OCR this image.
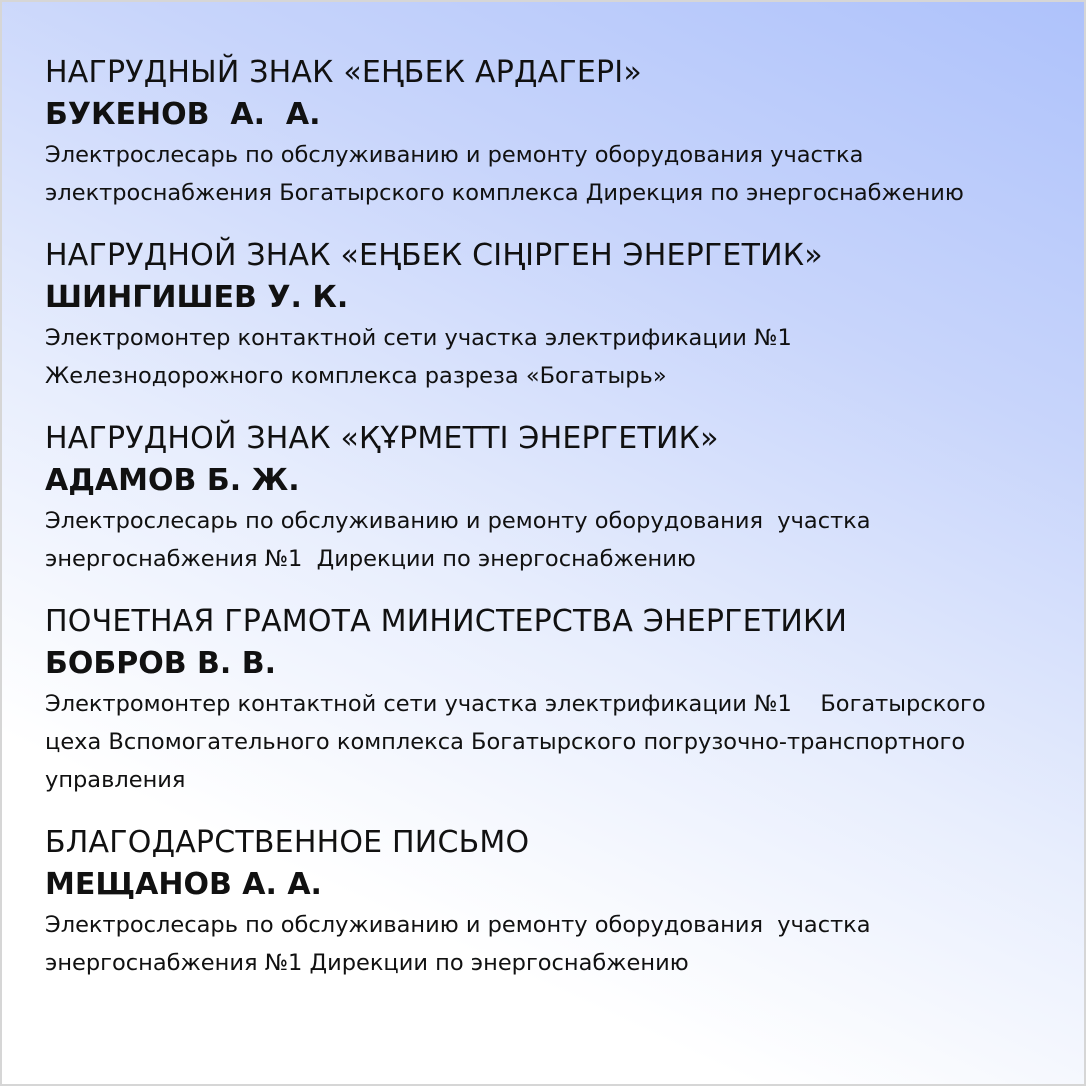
НАГРУДНЫЙ ЗНАК «ЕҢБЕК АРДАГЕРІ»

БУКЕНОВ  А.  А.

Электрослесарь по обслуживанию и ремонту оборудования участка
электроснабжения Богатырского комплекса Дирекция по энергоснабжению

НАГРУДНОЙ ЗНАК «ЕҢБЕК СІҢІРГЕН ЭНЕРГЕТИК»

ШИНГИШЕВ У. К.

Электромонтер контактной сети участка электрификации №1
Железнодорожного комплекса разреза «Богатырь»

НАГРУДНОЙ ЗНАК «ҚҰРМЕТТІ ЭНЕРГЕТИК»

АДАМОВ Б. Ж.

Электрослесарь по обслуживанию и ремонту оборудования  участка
энергоснабжения №1  Дирекции по энергоснабжению

ПОЧЕТНАЯ ГРАМОТА МИНИСТЕРСТВА ЭНЕРГЕТИКИ

БОБРОВ В. В.

Электромонтер контактной сети участка электрификации №1    Богатырского
цеха Вспомогательного комплекса Богатырского погрузочно-транспортного
управления

БЛАГОДАРСТВЕННОЕ ПИСЬМО

МЕЩАНОВ А. А.

Электрослесарь по обслуживанию и ремонту оборудования  участка
энергоснабжения №1 Дирекции по энергоснабжению
